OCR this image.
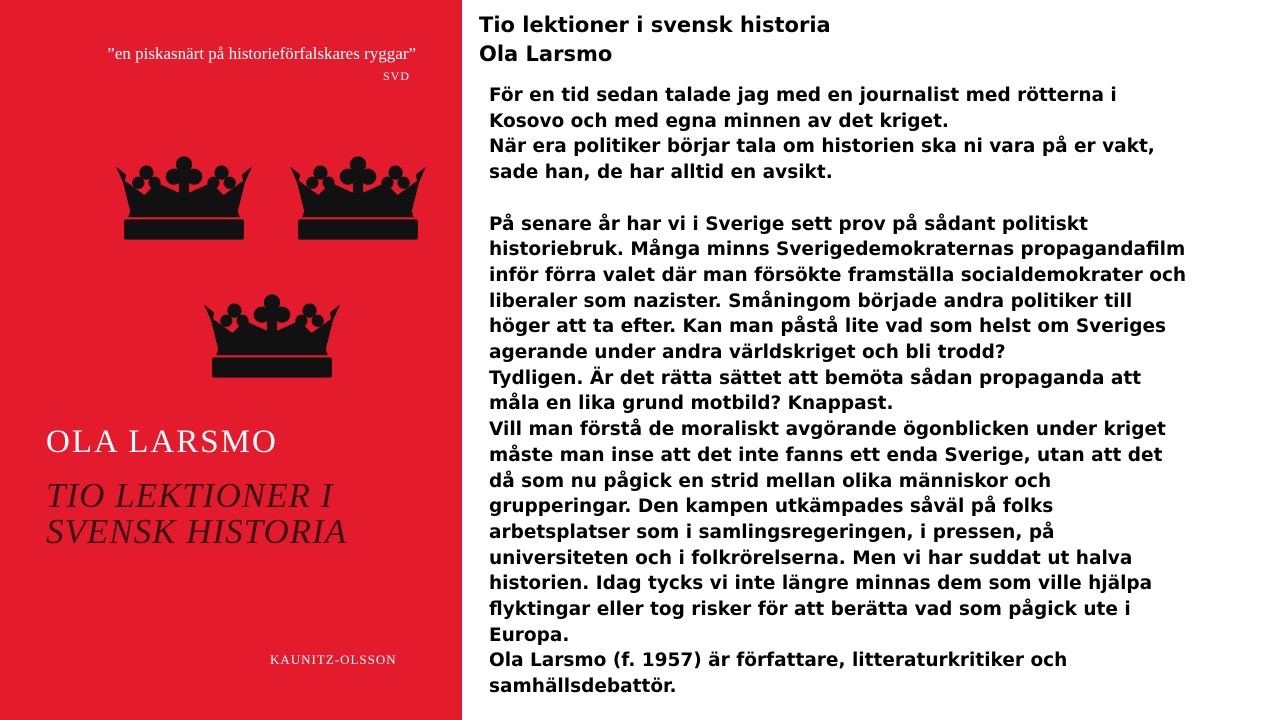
”en piskasnärt på historieförfalskares ryggar”
SVD
OLA LARSMO
TIO LEKTIONER I
SVENSK HISTORIA
KAUNITZ-OLSSON
Tio lektioner i svensk historia
Ola Larsmo
För en tid sedan talade jag med en journalist med rötterna i
Kosovo och med egna minnen av det kriget.
När era politiker börjar tala om historien ska ni vara på er vakt,
sade han, de har alltid en avsikt.
På senare år har vi i Sverige sett prov på sådant politiskt
historiebruk. Många minns Sverigedemokraternas propagandafilm
inför förra valet där man försökte framställa socialdemokrater och
liberaler som nazister. Småningom började andra politiker till
höger att ta efter. Kan man påstå lite vad som helst om Sveriges
agerande under andra världskriget och bli trodd?
Tydligen. Är det rätta sättet att bemöta sådan propaganda att
måla en lika grund motbild? Knappast.
Vill man förstå de moraliskt avgörande ögonblicken under kriget
måste man inse att det inte fanns ett enda Sverige, utan att det
då som nu pågick en strid mellan olika människor och
grupperingar. Den kampen utkämpades såväl på folks
arbetsplatser som i samlingsregeringen, i pressen, på
universiteten och i folkrörelserna. Men vi har suddat ut halva
historien. Idag tycks vi inte längre minnas dem som ville hjälpa
flyktingar eller tog risker för att berätta vad som pågick ute i
Europa.
Ola Larsmo (f. 1957) är författare, litteraturkritiker och
samhällsdebattör.
